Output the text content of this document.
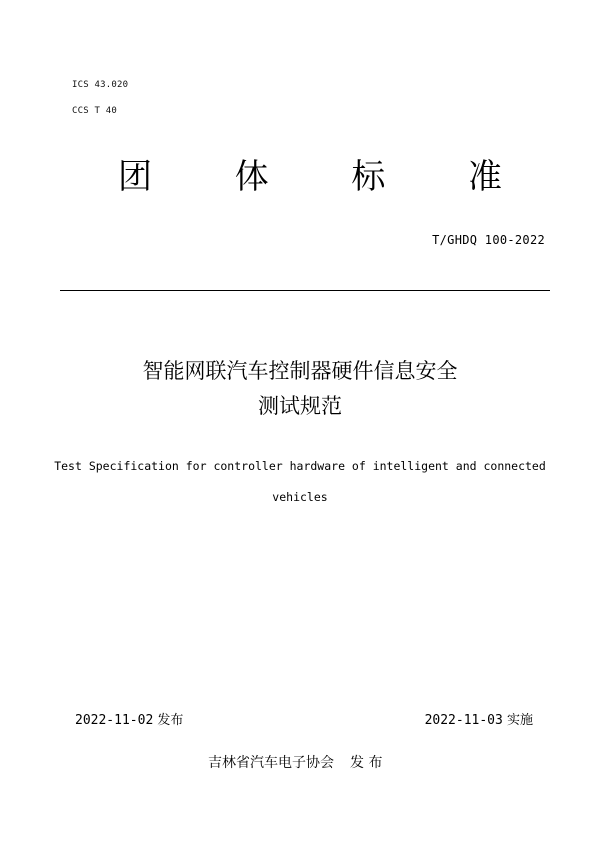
ICS 43.020
CCS T 40
团 体 标 准
T/GHDQ 100-2022
智能网联汽车控制器硬件信息安全
测试规范
Test Specification for controller hardware of intelligent and connected
vehicles
2022-11-02 发布	2022-11-03 实施
吉林省汽车电子协会 发 布
